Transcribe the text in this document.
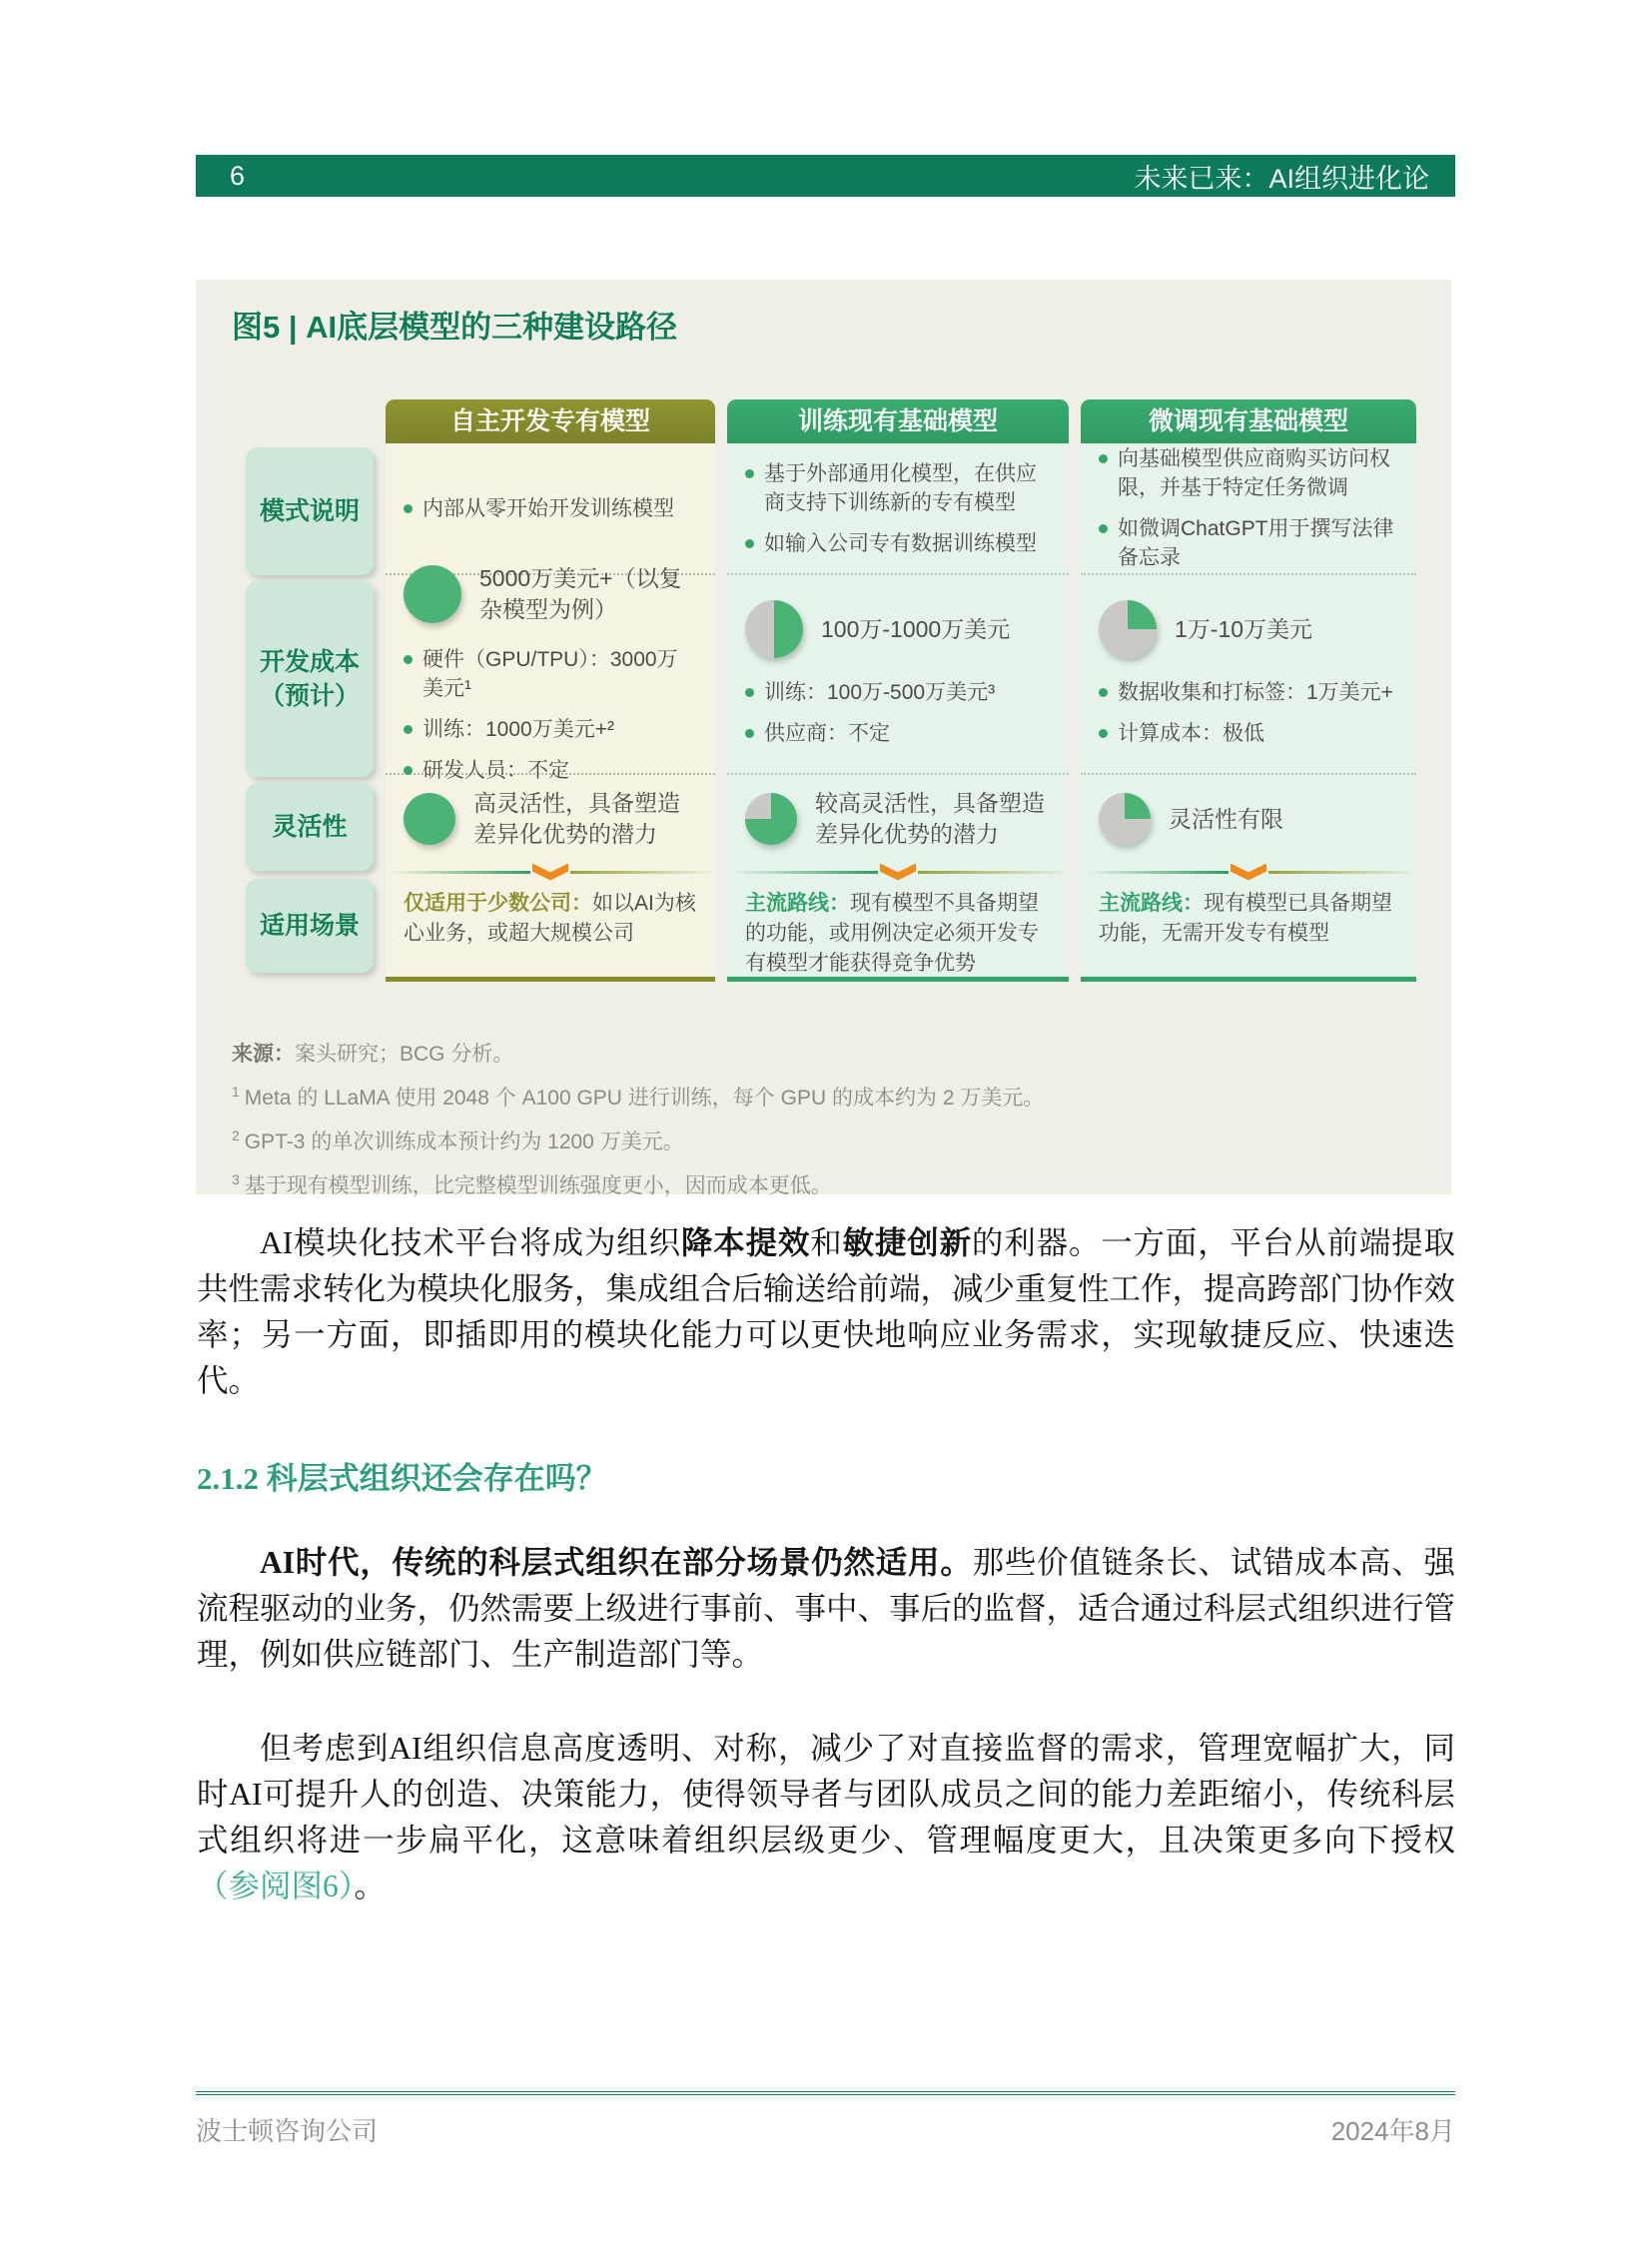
6	未来已来：AI组织进化论
图5 | AI底层模型的三种建设路径
模式说明
开发成本
（预计）
灵活性
适用场景
自主开发专有模型
内部从零开始开发训练模型
5000万美元+（以复杂模型为例）
硬件（GPU/TPU）：3000万美元¹
训练：1000万美元+²
研发人员：不定
高灵活性，具备塑造差异化优势的潜力

仅适用于少数公司：如以AI为核心业务，或超大规模公司

训练现有基础模型
基于外部通用化模型，在供应商支持下训练新的专有模型
如输入公司专有数据训练模型
100万-1000万美元
训练：100万-500万美元³
供应商：不定
较高灵活性，具备塑造差异化优势的潜力

主流路线：现有模型不具备期望的功能，或用例决定必须开发专有模型才能获得竞争优势

微调现有基础模型
向基础模型供应商购买访问权限，并基于特定任务微调
如微调ChatGPT用于撰写法律备忘录
1万-10万美元
数据收集和打标签：1万美元+
计算成本：极低
灵活性有限

主流路线：现有模型已具备期望功能，无需开发专有模型

来源：案头研究；BCG 分析。

$^1$ Meta 的 LLaMA 使用 2048 个 A100 GPU 进行训练，每个 GPU 的成本约为 2 万美元。

$^2$ GPT-3 的单次训练成本预计约为 1200 万美元。

$^3$ 基于现有模型训练，比完整模型训练强度更小，因而成本更低。

AI模块化技术平台将成为组织降本提效和敏捷创新的利器。一方面，平台从前端提取共性需求转化为模块化服务，集成组合后输送给前端，减少重复性工作，提高跨部门协作效率；另一方面，即插即用的模块化能力可以更快地响应业务需求，实现敏捷反应、快速迭代。

2.1.2 科层式组织还会存在吗？

AI时代，传统的科层式组织在部分场景仍然适用。那些价值链条长、试错成本高、强流程驱动的业务，仍然需要上级进行事前、事中、事后的监督，适合通过科层式组织进行管理，例如供应链部门、生产制造部门等。

但考虑到AI组织信息高度透明、对称，减少了对直接监督的需求，管理宽幅扩大，同时AI可提升人的创造、决策能力，使得领导者与团队成员之间的能力差距缩小，传统科层式组织将进一步扁平化，这意味着组织层级更少、管理幅度更大，且决策更多向下授权（参阅图6）。

波士顿咨询公司	2024年8月
